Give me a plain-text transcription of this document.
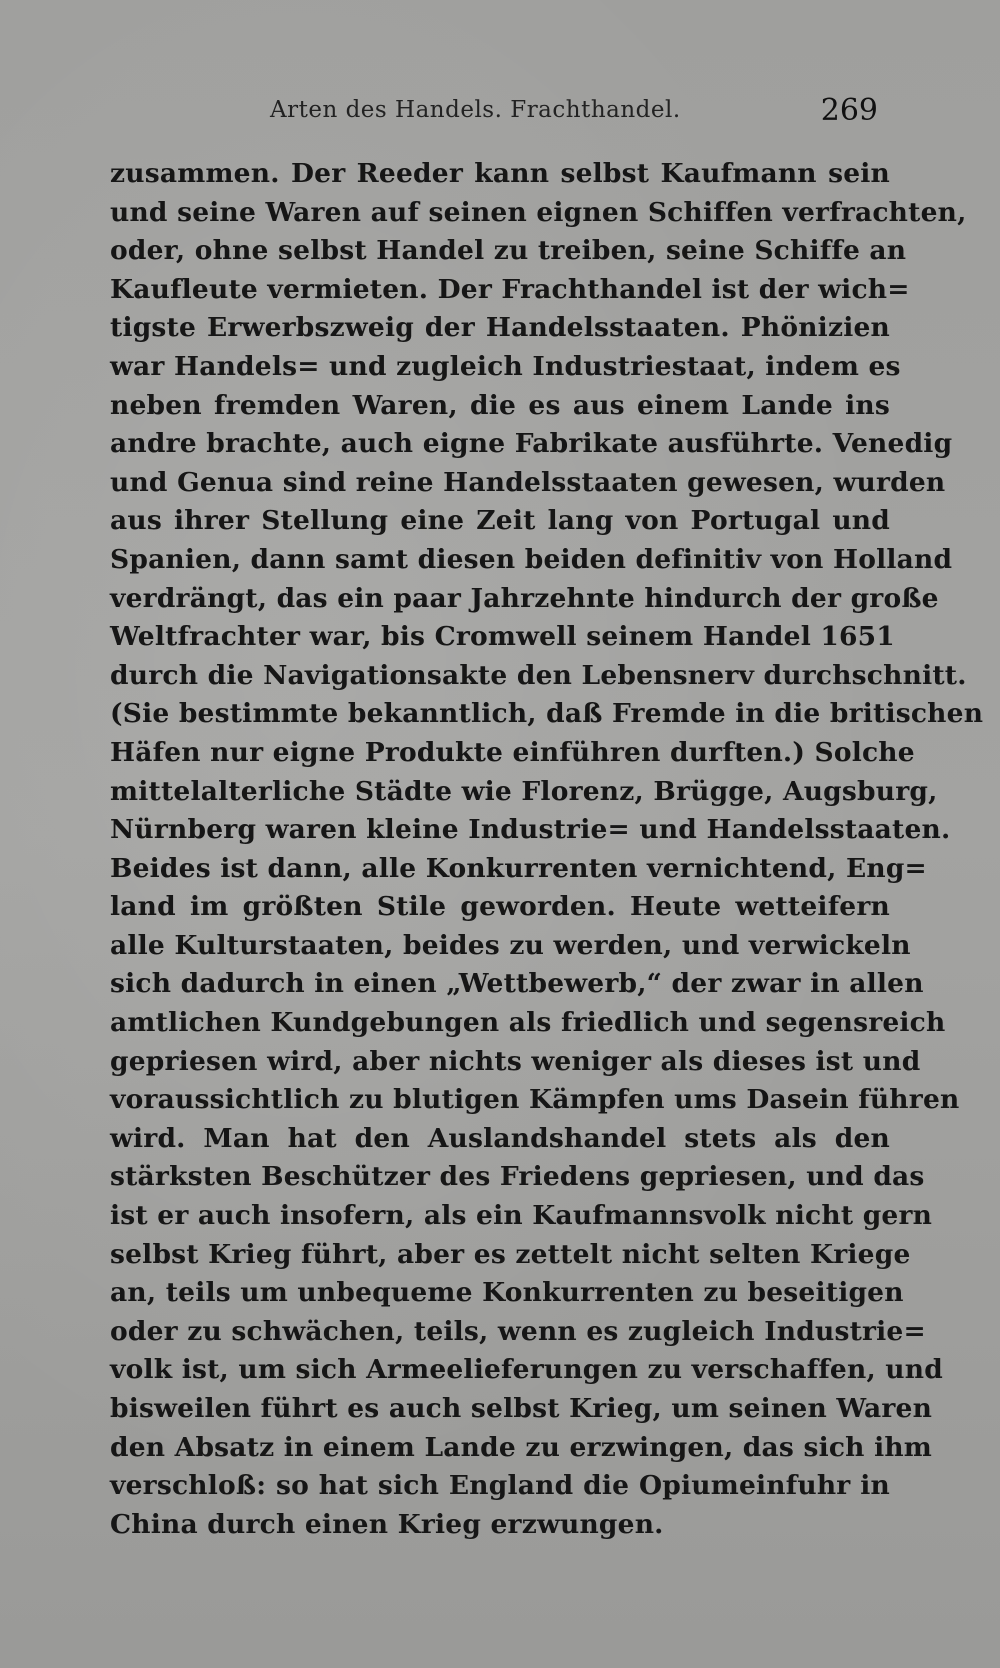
Arten des Handels. Frachthandel.	269
zusammen. Der Reeder kann selbst Kaufmann sein
und seine Waren auf seinen eignen Schiffen verfrachten,
oder, ohne selbst Handel zu treiben, seine Schiffe an
Kaufleute vermieten. Der Frachthandel ist der wich=
tigste Erwerbszweig der Handelsstaaten. Phönizien
war Handels= und zugleich Industriestaat, indem es
neben fremden Waren, die es aus einem Lande ins
andre brachte, auch eigne Fabrikate ausführte. Venedig
und Genua sind reine Handelsstaaten gewesen, wurden
aus ihrer Stellung eine Zeit lang von Portugal und
Spanien, dann samt diesen beiden definitiv von Holland
verdrängt, das ein paar Jahrzehnte hindurch der große
Weltfrachter war, bis Cromwell seinem Handel 1651
durch die Navigationsakte den Lebensnerv durchschnitt.
(Sie bestimmte bekanntlich, daß Fremde in die britischen
Häfen nur eigne Produkte einführen durften.) Solche
mittelalterliche Städte wie Florenz, Brügge, Augsburg,
Nürnberg waren kleine Industrie= und Handelsstaaten.
Beides ist dann, alle Konkurrenten vernichtend, Eng=
land im größten Stile geworden. Heute wetteifern
alle Kulturstaaten, beides zu werden, und verwickeln
sich dadurch in einen „Wettbewerb,“ der zwar in allen
amtlichen Kundgebungen als friedlich und segensreich
gepriesen wird, aber nichts weniger als dieses ist und
voraussichtlich zu blutigen Kämpfen ums Dasein führen
wird. Man hat den Auslandshandel stets als den
stärksten Beschützer des Friedens gepriesen, und das
ist er auch insofern, als ein Kaufmannsvolk nicht gern
selbst Krieg führt, aber es zettelt nicht selten Kriege
an, teils um unbequeme Konkurrenten zu beseitigen
oder zu schwächen, teils, wenn es zugleich Industrie=
volk ist, um sich Armeelieferungen zu verschaffen, und
bisweilen führt es auch selbst Krieg, um seinen Waren
den Absatz in einem Lande zu erzwingen, das sich ihm
verschloß: so hat sich England die Opiumeinfuhr in
China durch einen Krieg erzwungen.
